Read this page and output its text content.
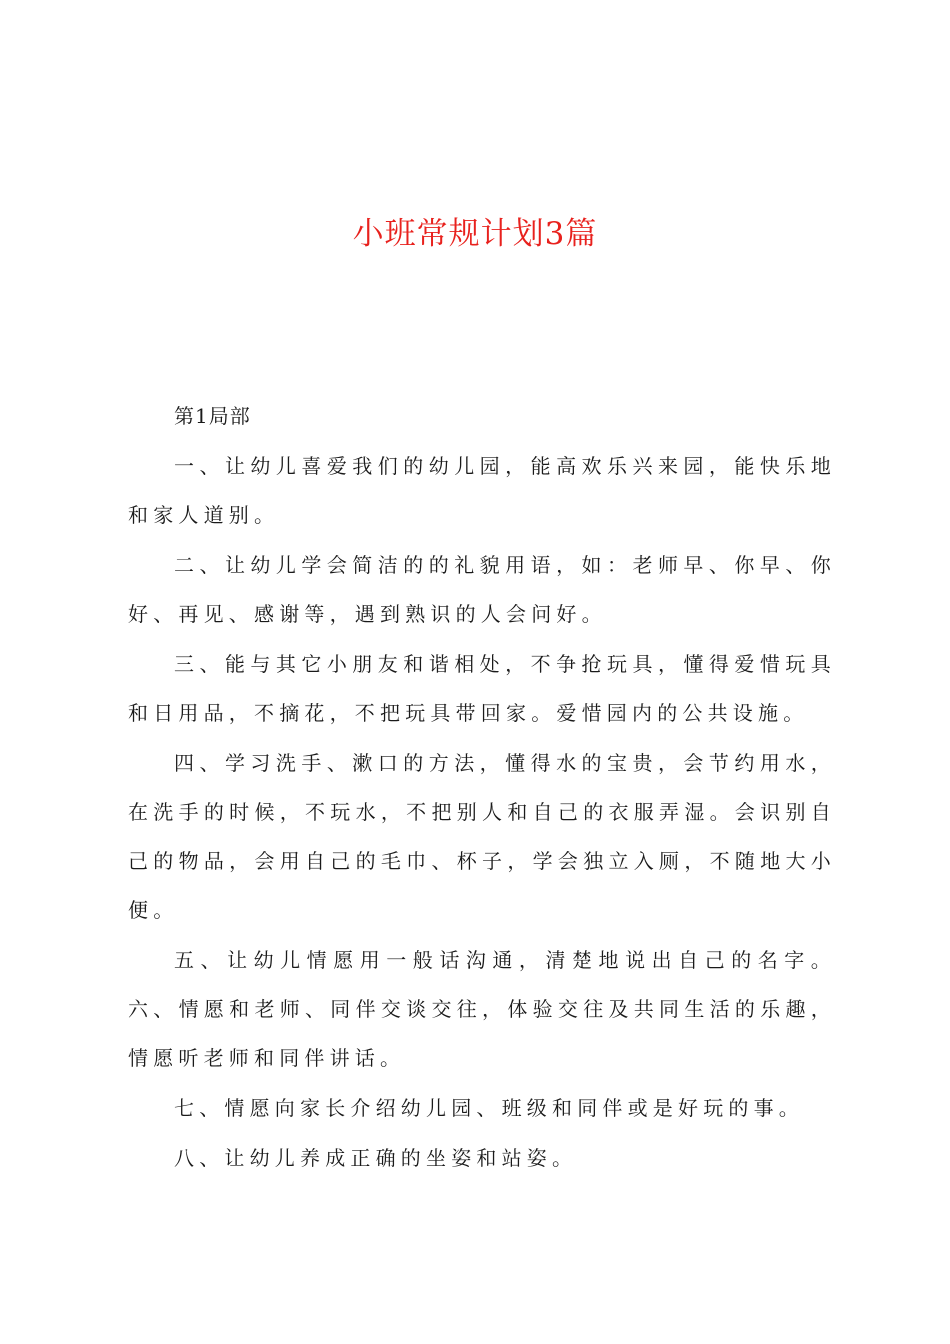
小班常规计划3篇

第1局部

一、让幼儿喜爱我们的幼儿园，能高欢乐兴来园，能快乐地和家人道别。

二、让幼儿学会简洁的的礼貌用语，如：老师早、你早、你好、再见、感谢等，遇到熟识的人会问好。

三、能与其它小朋友和谐相处，不争抢玩具，懂得爱惜玩具和日用品，不摘花，不把玩具带回家。爱惜园内的公共设施。

四、学习洗手、漱口的方法，懂得水的宝贵，会节约用水，在洗手的时候，不玩水，不把别人和自己的衣服弄湿。会识别自己的物品，会用自己的毛巾、杯子，学会独立入厕，不随地大小便。

五、让幼儿情愿用一般话沟通，清楚地说出自己的名字。六、情愿和老师、同伴交谈交往，体验交往及共同生活的乐趣，情愿听老师和同伴讲话。

七、情愿向家长介绍幼儿园、班级和同伴或是好玩的事。

八、让幼儿养成正确的坐姿和站姿。
